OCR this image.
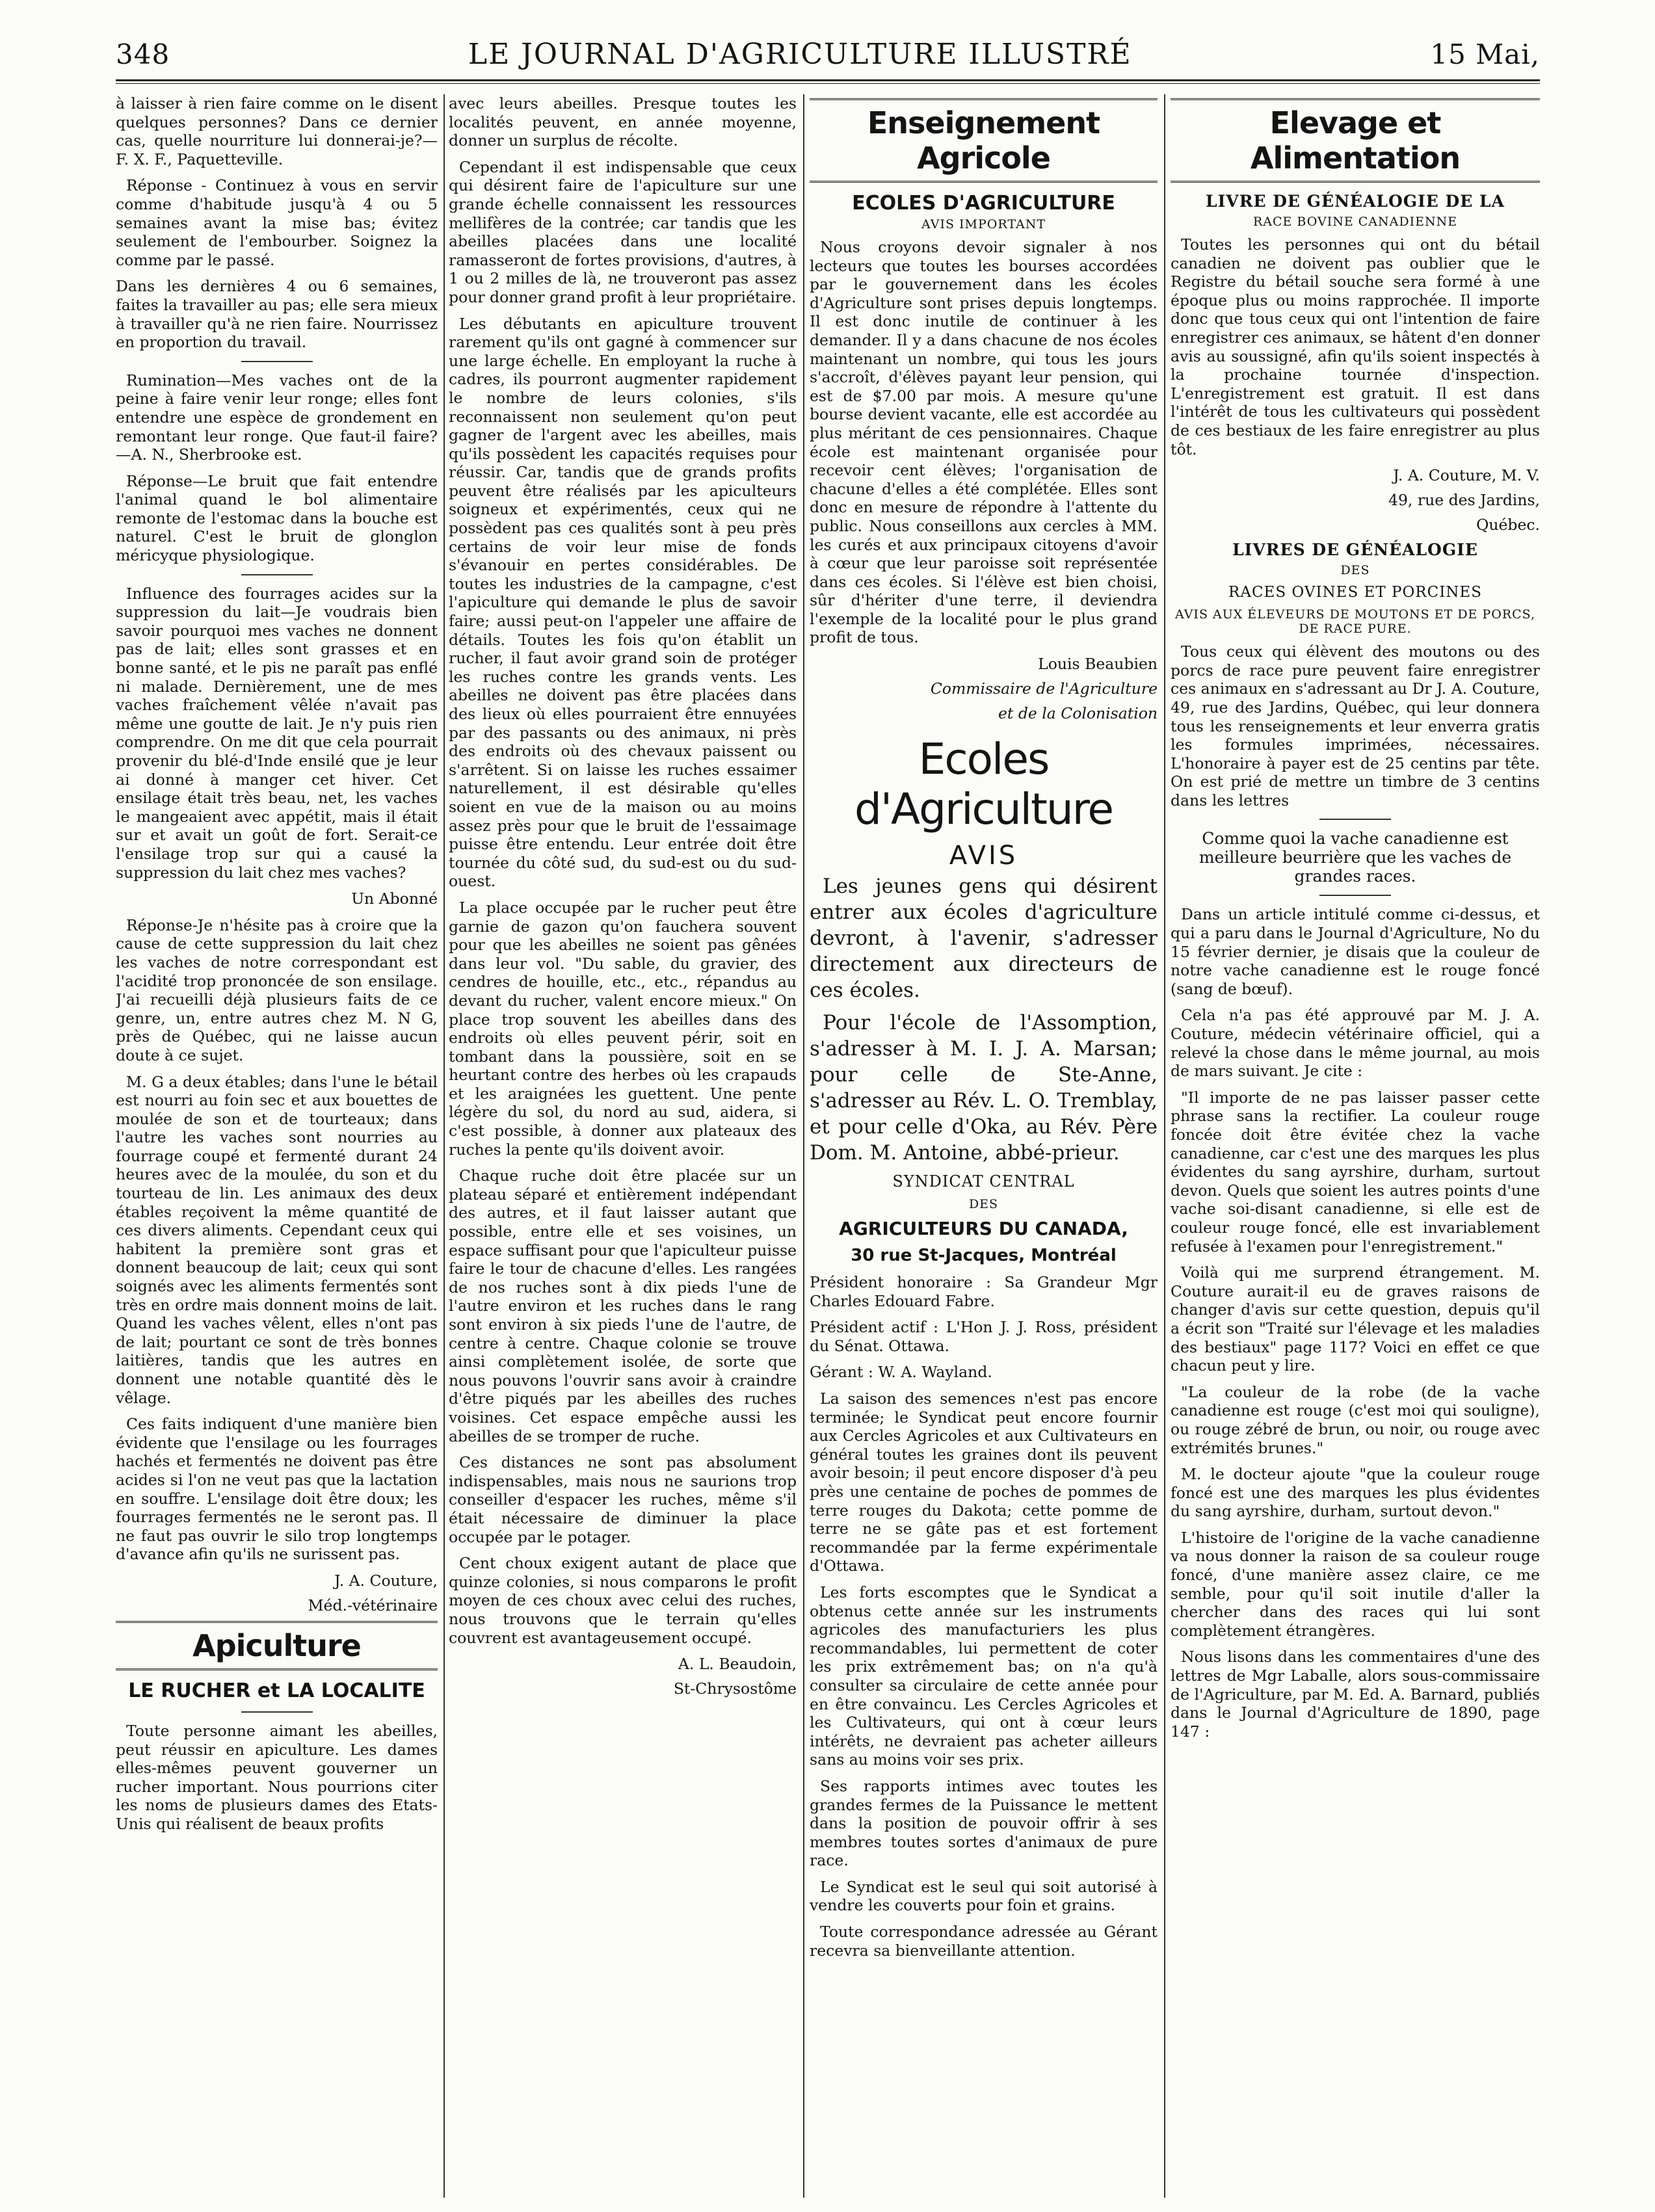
348	LE JOURNAL D'AGRICULTURE ILLUSTRÉ	15 Mai,

à laisser à rien faire comme on le disent quelques personnes? Dans ce dernier cas, quelle nourriture lui donnerai-je?—F. X. F., Paquetteville.

Réponse - Continuez à vous en servir comme d'habitude jusqu'à 4 ou 5 semaines avant la mise bas; évitez seulement de l'embourber. Soignez la comme par le passé.

Dans les dernières 4 ou 6 semaines, faites la travailler au pas; elle sera mieux à travailler qu'à ne rien faire. Nourrissez en proportion du travail.

Rumination—Mes vaches ont de la peine à faire venir leur ronge; elles font entendre une espèce de grondement en remontant leur ronge. Que faut-il faire?—A. N., Sherbrooke est.

Réponse—Le bruit que fait entendre l'animal quand le bol alimentaire remonte de l'estomac dans la bouche est naturel. C'est le bruit de glonglon méricyque physiologique.

Influence des fourrages acides sur la suppression du lait—Je voudrais bien savoir pourquoi mes vaches ne donnent pas de lait; elles sont grasses et en bonne santé, et le pis ne paraît pas enflé ni malade. Dernièrement, une de mes vaches fraîchement vêlée n'avait pas même une goutte de lait. Je n'y puis rien comprendre. On me dit que cela pourrait provenir du blé-d'Inde ensilé que je leur ai donné à manger cet hiver. Cet ensilage était très beau, net, les vaches le mangeaient avec appétit, mais il était sur et avait un goût de fort. Serait-ce l'ensilage trop sur qui a causé la suppression du lait chez mes vaches?

Un Abonné

Réponse-Je n'hésite pas à croire que la cause de cette suppression du lait chez les vaches de notre correspondant est l'acidité trop prononcée de son ensilage. J'ai recueilli déjà plusieurs faits de ce genre, un, entre autres chez M. N G, près de Québec, qui ne laisse aucun doute à ce sujet.

M. G a deux étables; dans l'une le bétail est nourri au foin sec et aux bouettes de moulée de son et de tourteaux; dans l'autre les vaches sont nourries au fourrage coupé et fermenté durant 24 heures avec de la moulée, du son et du tourteau de lin. Les animaux des deux étables reçoivent la même quantité de ces divers aliments. Cependant ceux qui habitent la première sont gras et donnent beaucoup de lait; ceux qui sont soignés avec les aliments fermentés sont très en ordre mais donnent moins de lait. Quand les vaches vêlent, elles n'ont pas de lait; pourtant ce sont de très bonnes laitières, tandis que les autres en donnent une notable quantité dès le vêlage.

Ces faits indiquent d'une manière bien évidente que l'ensilage ou les fourrages hachés et fermentés ne doivent pas être acides si l'on ne veut pas que la lactation en souffre. L'ensilage doit être doux; les fourrages fermentés ne le seront pas. Il ne faut pas ouvrir le silo trop longtemps d'avance afin qu'ils ne surissent pas.

J. A. Couture,
Méd.-vétérinaire
Apiculture
LE RUCHER et LA LOCALITE

Toute personne aimant les abeilles, peut réussir en apiculture. Les dames elles-mêmes peuvent gouverner un rucher important. Nous pourrions citer les noms de plusieurs dames des Etats-Unis qui réalisent de beaux profits

avec leurs abeilles. Presque toutes les localités peuvent, en année moyenne, donner un surplus de récolte.

Cependant il est indispensable que ceux qui désirent faire de l'apiculture sur une grande échelle connaissent les ressources mellifères de la contrée; car tandis que les abeilles placées dans une localité ramasseront de fortes provisions, d'autres, à 1 ou 2 milles de là, ne trouveront pas assez pour donner grand profit à leur propriétaire.

Les débutants en apiculture trouvent rarement qu'ils ont gagné à commencer sur une large échelle. En employant la ruche à cadres, ils pourront augmenter rapidement le nombre de leurs colonies, s'ils reconnaissent non seulement qu'on peut gagner de l'argent avec les abeilles, mais qu'ils possèdent les capacités requises pour réussir. Car, tandis que de grands profits peuvent être réalisés par les apiculteurs soigneux et expérimentés, ceux qui ne possèdent pas ces qualités sont à peu près certains de voir leur mise de fonds s'évanouir en pertes considérables. De toutes les industries de la campagne, c'est l'apiculture qui demande le plus de savoir faire; aussi peut-on l'appeler une affaire de détails. Toutes les fois qu'on établit un rucher, il faut avoir grand soin de protéger les ruches contre les grands vents. Les abeilles ne doivent pas être placées dans des lieux où elles pourraient être ennuyées par des passants ou des animaux, ni près des endroits où des chevaux paissent ou s'arrêtent. Si on laisse les ruches essaimer naturellement, il est désirable qu'elles soient en vue de la maison ou au moins assez près pour que le bruit de l'essaimage puisse être entendu. Leur entrée doit être tournée du côté sud, du sud-est ou du sud-ouest.

La place occupée par le rucher peut être garnie de gazon qu'on fauchera souvent pour que les abeilles ne soient pas gênées dans leur vol. "Du sable, du gravier, des cendres de houille, etc., etc., répandus au devant du rucher, valent encore mieux." On place trop souvent les abeilles dans des endroits où elles peuvent périr, soit en tombant dans la poussière, soit en se heurtant contre des herbes où les crapauds et les araignées les guettent. Une pente légère du sol, du nord au sud, aidera, si c'est possible, à donner aux plateaux des ruches la pente qu'ils doivent avoir.

Chaque ruche doit être placée sur un plateau séparé et entièrement indépendant des autres, et il faut laisser autant que possible, entre elle et ses voisines, un espace suffisant pour que l'apiculteur puisse faire le tour de chacune d'elles. Les rangées de nos ruches sont à dix pieds l'une de l'autre environ et les ruches dans le rang sont environ à six pieds l'une de l'autre, de centre à centre. Chaque colonie se trouve ainsi complètement isolée, de sorte que nous pouvons l'ouvrir sans avoir à craindre d'être piqués par les abeilles des ruches voisines. Cet espace empêche aussi les abeilles de se tromper de ruche.

Ces distances ne sont pas absolument indispensables, mais nous ne saurions trop conseiller d'espacer les ruches, même s'il était nécessaire de diminuer la place occupée par le potager.

Cent choux exigent autant de place que quinze colonies, si nous comparons le profit moyen de ces choux avec celui des ruches, nous trouvons que le terrain qu'elles couvrent est avantageusement occupé.

A. L. Beaudoin,
St-Chrysostôme
Enseignement Agricole
ECOLES D'AGRICULTURE
AVIS IMPORTANT

Nous croyons devoir signaler à nos lecteurs que toutes les bourses accordées par le gouvernement dans les écoles d'Agriculture sont prises depuis longtemps. Il est donc inutile de continuer à les demander. Il y a dans chacune de nos écoles maintenant un nombre, qui tous les jours s'accroît, d'élèves payant leur pension, qui est de $7.00 par mois. A mesure qu'une bourse devient vacante, elle est accordée au plus méritant de ces pensionnaires. Chaque école est maintenant organisée pour recevoir cent élèves; l'organisation de chacune d'elles a été complétée. Elles sont donc en mesure de répondre à l'attente du public. Nous conseillons aux cercles à MM. les curés et aux principaux citoyens d'avoir à cœur que leur paroisse soit représentée dans ces écoles. Si l'élève est bien choisi, sûr d'hériter d'une terre, il deviendra l'exemple de la localité pour le plus grand profit de tous.

Louis Beaubien
Commissaire de l'Agriculture
et de la Colonisation
Ecoles d'Agriculture
AVIS

Les jeunes gens qui désirent entrer aux écoles d'agriculture devront, à l'avenir, s'adresser directement aux directeurs de ces écoles.

Pour l'école de l'Assomption, s'adresser à M. I. J. A. Marsan; pour celle de Ste-Anne, s'adresser au Rév. L. O. Tremblay, et pour celle d'Oka, au Rév. Père Dom. M. Antoine, abbé-prieur.

SYNDICAT CENTRAL
DES
AGRICULTEURS DU CANADA,
30 rue St-Jacques, Montréal

Président honoraire : Sa Grandeur Mgr Charles Edouard Fabre.

Président actif : L'Hon J. J. Ross, président du Sénat. Ottawa.

Gérant : W. A. Wayland.

La saison des semences n'est pas encore terminée; le Syndicat peut encore fournir aux Cercles Agricoles et aux Cultivateurs en général toutes les graines dont ils peuvent avoir besoin; il peut encore disposer d'à peu près une centaine de poches de pommes de terre rouges du Dakota; cette pomme de terre ne se gâte pas et est fortement recommandée par la ferme expérimentale d'Ottawa.

Les forts escomptes que le Syndicat a obtenus cette année sur les instruments agricoles des manufacturiers les plus recommandables, lui permettent de coter les prix extrêmement bas; on n'a qu'à consulter sa circulaire de cette année pour en être convaincu. Les Cercles Agricoles et les Cultivateurs, qui ont à cœur leurs intérêts, ne devraient pas acheter ailleurs sans au moins voir ses prix.

Ses rapports intimes avec toutes les grandes fermes de la Puissance le mettent dans la position de pouvoir offrir à ses membres toutes sortes d'animaux de pure race.

Le Syndicat est le seul qui soit autorisé à vendre les couverts pour foin et grains.

Toute correspondance adressée au Gérant recevra sa bienveillante attention.

Elevage et Alimentation
LIVRE DE GÉNÉALOGIE DE LA
RACE BOVINE CANADIENNE

Toutes les personnes qui ont du bétail canadien ne doivent pas oublier que le Registre du bétail souche sera formé à une époque plus ou moins rapprochée. Il importe donc que tous ceux qui ont l'intention de faire enregistrer ces animaux, se hâtent d'en donner avis au soussigné, afin qu'ils soient inspectés à la prochaine tournée d'inspection. L'enregistrement est gratuit. Il est dans l'intérêt de tous les cultivateurs qui possèdent de ces bestiaux de les faire enregistrer au plus tôt.

J. A. Couture, M. V.
49, rue des Jardins,
Québec.
LIVRES DE GÉNÉALOGIE
DES
RACES OVINES ET PORCINES
AVIS AUX ÉLEVEURS DE MOUTONS ET DE PORCS, DE RACE PURE.

Tous ceux qui élèvent des moutons ou des porcs de race pure peuvent faire enregistrer ces animaux en s'adressant au Dr J. A. Couture, 49, rue des Jardins, Québec, qui leur donnera tous les renseignements et leur enverra gratis les formules imprimées, nécessaires. L'honoraire à payer est de 25 centins par tête. On est prié de mettre un timbre de 3 centins dans les lettres

Comme quoi la vache canadienne est meilleure beurrière que les vaches de grandes races.

Dans un article intitulé comme ci-dessus, et qui a paru dans le Journal d'Agriculture, No du 15 février dernier, je disais que la couleur de notre vache canadienne est le rouge foncé (sang de bœuf).

Cela n'a pas été approuvé par M. J. A. Couture, médecin vétérinaire officiel, qui a relevé la chose dans le même journal, au mois de mars suivant. Je cite :

"Il importe de ne pas laisser passer cette phrase sans la rectifier. La couleur rouge foncée doit être évitée chez la vache canadienne, car c'est une des marques les plus évidentes du sang ayrshire, durham, surtout devon. Quels que soient les autres points d'une vache soi-disant canadienne, si elle est de couleur rouge foncé, elle est invariablement refusée à l'examen pour l'enregistrement."

Voilà qui me surprend étrangement. M. Couture aurait-il eu de graves raisons de changer d'avis sur cette question, depuis qu'il a écrit son "Traité sur l'élevage et les maladies des bestiaux" page 117? Voici en effet ce que chacun peut y lire.

"La couleur de la robe (de la vache canadienne est rouge (c'est moi qui souligne), ou rouge zébré de brun, ou noir, ou rouge avec extrémités brunes."

M. le docteur ajoute "que la couleur rouge foncé est une des marques les plus évidentes du sang ayrshire, durham, surtout devon."

L'histoire de l'origine de la vache canadienne va nous donner la raison de sa couleur rouge foncé, d'une manière assez claire, ce me semble, pour qu'il soit inutile d'aller la chercher dans des races qui lui sont complètement étrangères.

Nous lisons dans les commentaires d'une des lettres de Mgr Laballe, alors sous-commissaire de l'Agriculture, par M. Ed. A. Barnard, publiés dans le Journal d'Agriculture de 1890, page 147 :
